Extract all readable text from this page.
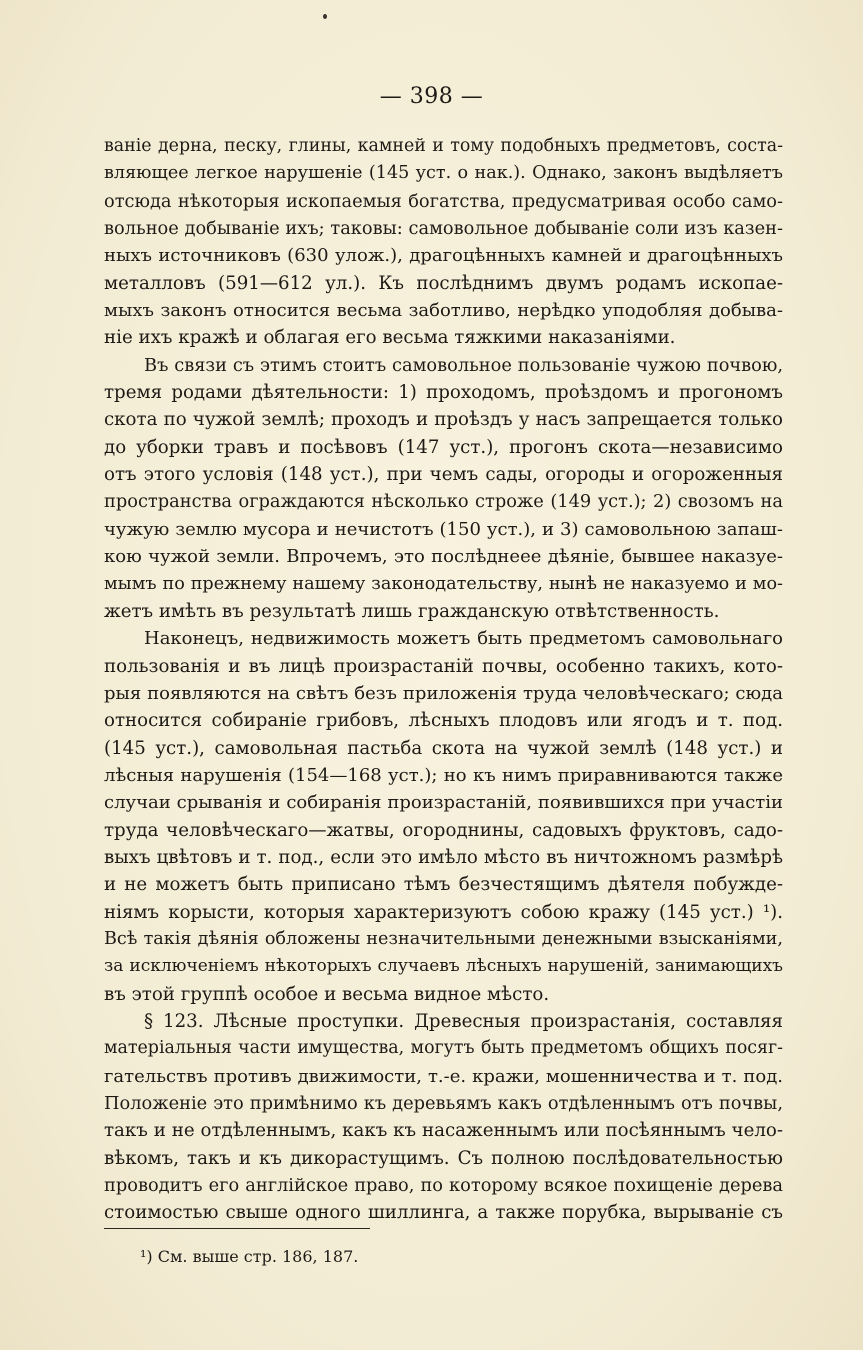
— 398 —
ваніе дерна, песку, глины, камней и тому подобныхъ предметовъ, соста-
вляющее легкое нарушеніе (145 уст. о нак.). Однако, законъ выдѣляетъ
отсюда нѣкоторыя ископаемыя богатства, предусматривая особо само-
вольное добываніе ихъ; таковы: самовольное добываніе соли изъ казен-
ныхъ источниковъ (630 улож.), драгоцѣнныхъ камней и драгоцѣнныхъ
металловъ (591—612 ул.). Къ послѣднимъ двумъ родамъ ископае-
мыхъ законъ относится весьма заботливо, нерѣдко уподобляя добыва-
ніе ихъ кражѣ и облагая его весьма тяжкими наказаніями.
Въ связи съ этимъ стоитъ самовольное пользованіе чужою почвою,
тремя родами дѣятельности: 1) проходомъ, проѣздомъ и прогономъ
скота по чужой землѣ; проходъ и проѣздъ у насъ запрещается только
до уборки травъ и посѣвовъ (147 уст.), прогонъ скота—независимо
отъ этого условія (148 уст.), при чемъ сады, огороды и огороженныя
пространства ограждаются нѣсколько строже (149 уст.); 2) свозомъ на
чужую землю мусора и нечистотъ (150 уст.), и 3) самовольною запаш-
кою чужой земли. Впрочемъ, это послѣднеее дѣяніе, бывшее наказуе-
мымъ по прежнему нашему законодательству, нынѣ не наказуемо и мо-
жетъ имѣть въ результатѣ лишь гражданскую отвѣтственность.
Наконецъ, недвижимость можетъ быть предметомъ самовольнаго
пользованія и въ лицѣ произрастаній почвы, особенно такихъ, кото-
рыя появляются на свѣтъ безъ приложенія труда человѣческаго; сюда
относится собираніе грибовъ, лѣсныхъ плодовъ или ягодъ и т. под.
(145 уст.), самовольная пастьба скота на чужой землѣ (148 уст.) и
лѣсныя нарушенія (154—168 уст.); но къ нимъ приравниваются также
случаи срыванія и собиранія произрастаній, появившихся при участіи
труда человѣческаго—жатвы, огороднины, садовыхъ фруктовъ, садо-
выхъ цвѣтовъ и т. под., если это имѣло мѣсто въ ничтожномъ размѣрѣ
и не можетъ быть приписано тѣмъ безчестящимъ дѣятеля побужде-
ніямъ корысти, которыя характеризуютъ собою кражу (145 уст.) ¹).
Всѣ такія дѣянія обложены незначительными денежными взысканіями,
за исключеніемъ нѣкоторыхъ случаевъ лѣсныхъ нарушеній, занимающихъ
въ этой группѣ особое и весьма видное мѣсто.
§ 123. Лѣсные проступки. Древесныя произрастанія, составляя
матеріальныя части имущества, могутъ быть предметомъ общихъ посяг-
гательствъ противъ движимости, т.-е. кражи, мошенничества и т. под.
Положеніе это примѣнимо къ деревьямъ какъ отдѣленнымъ отъ почвы,
такъ и не отдѣленнымъ, какъ къ насаженнымъ или посѣяннымъ чело-
вѣкомъ, такъ и къ дикорастущимъ. Съ полною послѣдовательностью
проводитъ его англійское право, по которому всякое похищеніе дерева
стоимостью свыше одного шиллинга, а также порубка, вырываніе съ
¹) См. выше стр. 186, 187.
